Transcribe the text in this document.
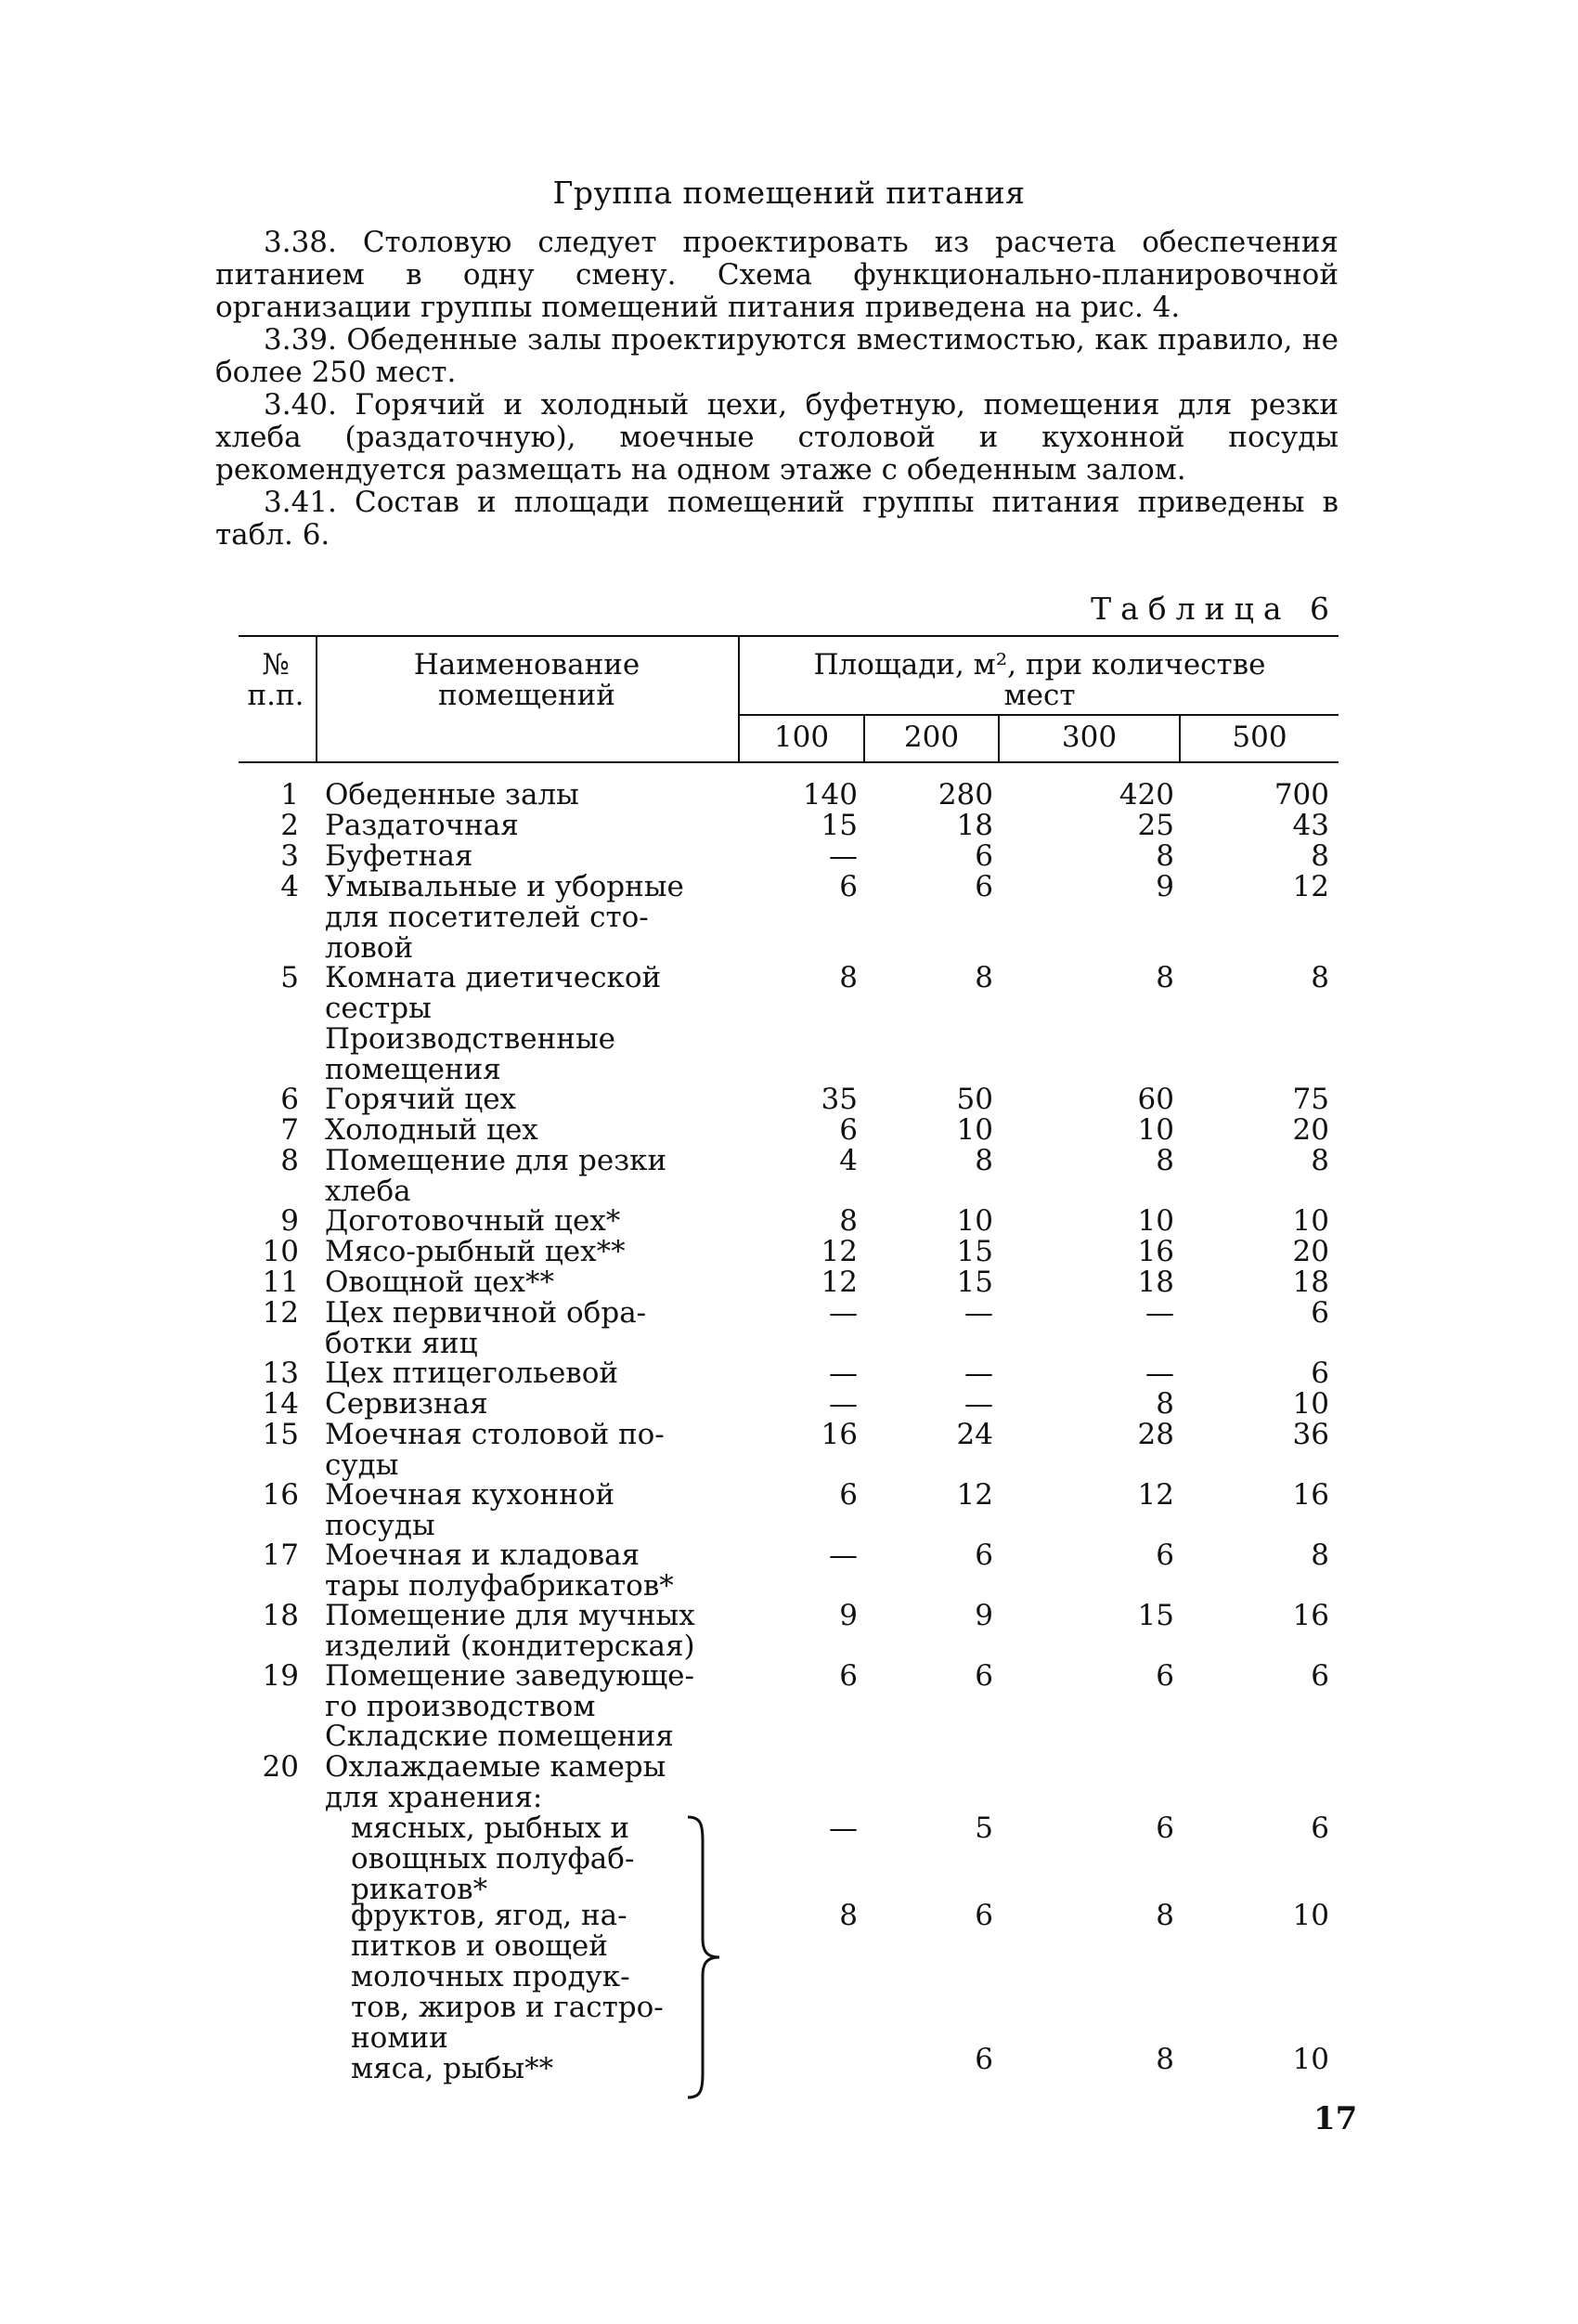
Группа помещений питания

3.38. Столовую следует проектировать из расчета обеспечения питанием в одну смену. Схема функционально-планировочной организации группы помещений питания приведена на рис. 4.

3.39. Обеденные залы проектируются вместимостью, как правило, не более 250 мест.

3.40. Горячий и холодный цехи, буфетную, помещения для резки хлеба (раздаточную), моечные столовой и кухонной посуды рекомендуется размещать на одном этаже с обеденным залом.

3.41. Состав и площади помещений группы питания приведены в табл. 6.

Таблица 6
№
п.п.
Наименование
помещений
Площади, м², при количестве
мест
100	200	300	500
1 Обеденные залы	140	280	420	700
2 Раздаточная	15	18	25	43
3 Буфетная	—	6	8	8
4 Умывальные и уборные
для посетителей сто-
ловой
6	6	9	12
5 Комната диетической
сестры
8	8	8	8
Производственные
помещения
6 Горячий цех	35	50	60	75
7 Холодный цех	6	10	10	20
8 Помещение для резки
хлеба
4	8	8	8
9 Доготовочный цех*	8	10	10	10
10 Мясо-рыбный цех**	12	15	16	20
11 Овощной цех**	12	15	18	18
12 Цех первичной обра-
ботки яиц
—	—	—	6
13 Цех птицегольевой	—	—	—	6
14 Сервизная	—	—	8	10
15 Моечная столовой по-
суды
16	24	28	36
16 Моечная кухонной
посуды
6	12	12	16
17 Моечная и кладовая
тары полуфабрикатов*
—	6	6	8
18 Помещение для мучных
изделий (кондитерская)
9	9	15	16
19 Помещение заведующе-
го производством
6	6	6	6
Складские помещения
20 Охлаждаемые камеры
для хранения:
мясных, рыбных и
овощных полуфаб-
рикатов*
—	5	6	6
фруктов, ягод, на-
питков и овощей
8	6	8	10
молочных продук-
тов, жиров и гастро-
номии
мяса, рыбы**	6	8	10
17
